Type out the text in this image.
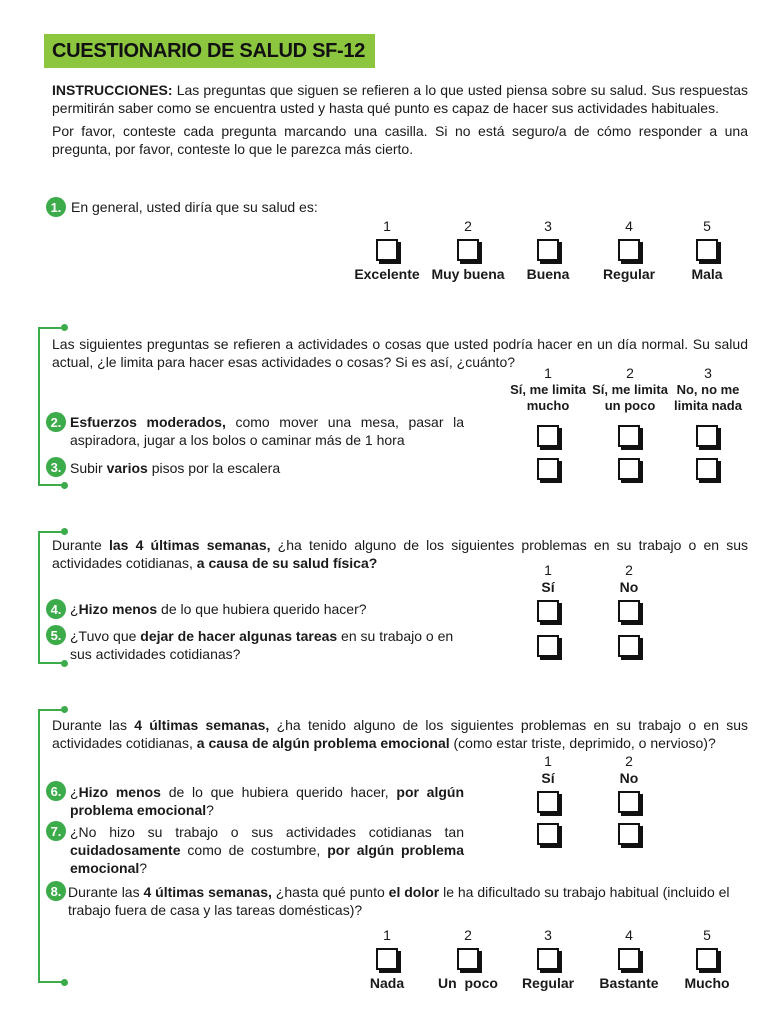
CUESTIONARIO DE SALUD SF-12
INSTRUCCIONES: Las preguntas que siguen se refieren a lo que usted piensa sobre su salud. Sus respuestas permitirán saber como se encuentra usted y hasta qué punto es capaz de hacer sus actividades habituales.
Por favor, conteste cada pregunta marcando una casilla. Si no está seguro/a de cómo responder a una pregunta, por favor, conteste lo que le parezca más cierto.
1. En general, usted diría que su salud es:
1
Excelente
2
Muy buena
3
Buena
4
Regular
5
Mala
Las siguientes preguntas se refieren a actividades o cosas que usted podría hacer en un día normal. Su salud actual, ¿le limita para hacer esas actividades o cosas? Si es así, ¿cuánto?
1
Sí, me limita
mucho
2
Sí, me limita
un poco
3
No, no me
limita nada
2. Esfuerzos moderados, como mover una mesa, pasar la aspiradora, jugar a los bolos o caminar más de 1 hora
3. Subir varios pisos por la escalera
Durante las 4 últimas semanas, ¿ha tenido alguno de los siguientes problemas en su trabajo o en sus actividades cotidianas, a causa de su salud física?	1
Sí
2
No
4. ¿Hizo menos de lo que hubiera querido hacer?
5. ¿Tuvo que dejar de hacer algunas tareas en su trabajo o en sus actividades cotidianas?
Durante las 4 últimas semanas, ¿ha tenido alguno de los siguientes problemas en su trabajo o en sus actividades cotidianas, a causa de algún problema emocional (como estar triste, deprimido, o nervioso)?
1
Sí
2
No
6. ¿Hizo menos de lo que hubiera querido hacer, por algún problema emocional?
7. ¿No hizo su trabajo o sus actividades cotidianas tan cuidadosamente como de costumbre, por algún problema emocional?
8. Durante las 4 últimas semanas, ¿hasta qué punto el dolor le ha dificultado su trabajo habitual (incluido el trabajo fuera de casa y las tareas domésticas)?
1
Nada
2
Un  poco
3
Regular
4
Bastante
5
Mucho
